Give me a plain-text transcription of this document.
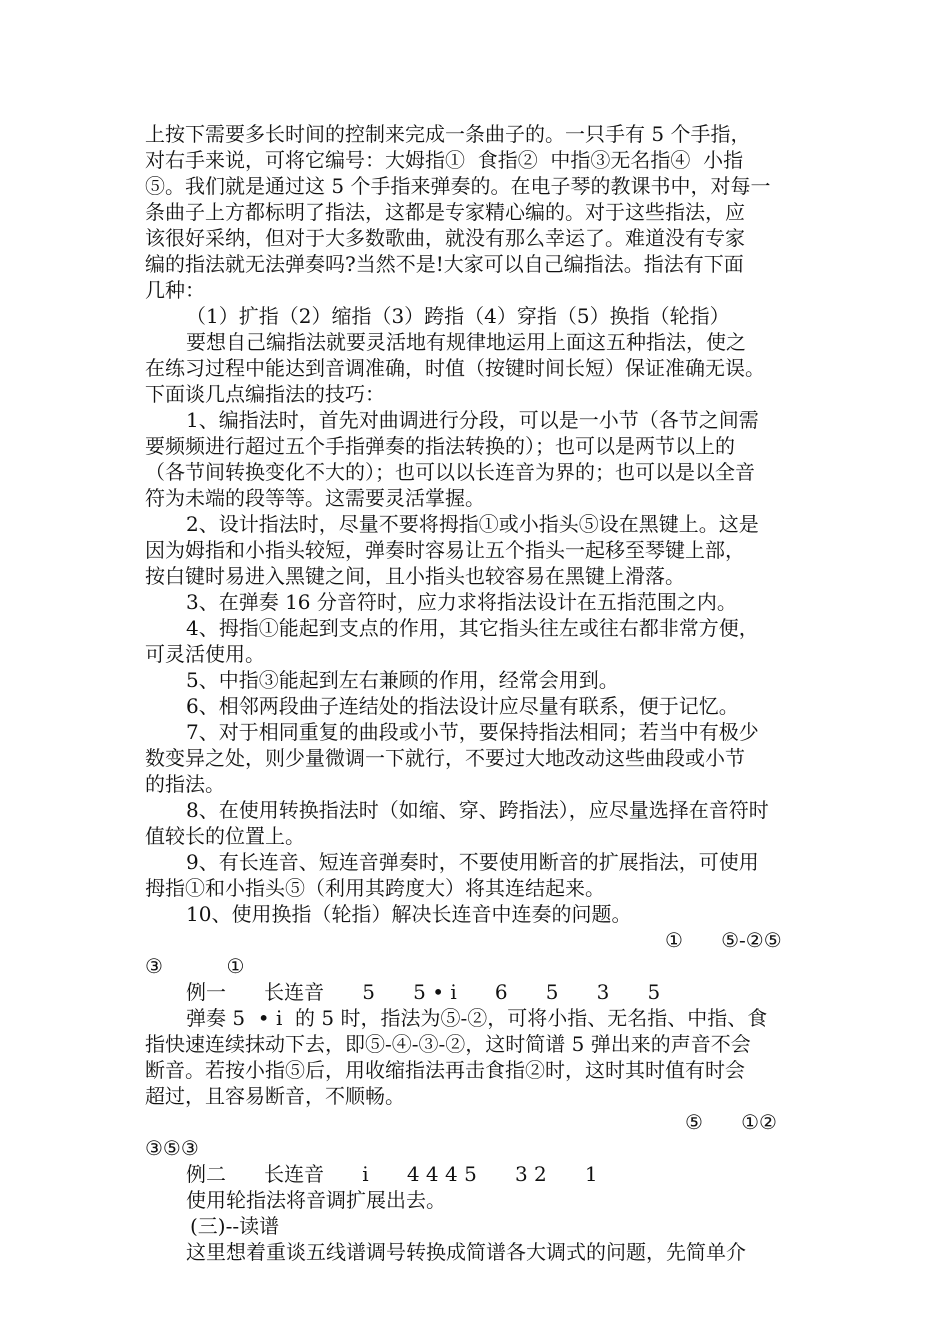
上按下需要多长时间的控制来完成一条曲子的。一只手有 5 个手指，
对右手来说，可将它编号：大姆指①  食指②  中指③无名指④  小指
⑤。我们就是通过这 5 个手指来弹奏的。在电子琴的教课书中，对每一
条曲子上方都标明了指法，这都是专家精心编的。对于这些指法，应
该很好采纳，但对于大多数歌曲，就没有那么幸运了。难道没有专家
编的指法就无法弹奏吗?当然不是!大家可以自己编指法。指法有下面
几种：
（1）扩指（2）缩指（3）跨指（4）穿指（5）换指（轮指）
要想自己编指法就要灵活地有规律地运用上面这五种指法，使之
在练习过程中能达到音调准确，时值（按键时间长短）保证准确无误。
下面谈几点编指法的技巧：
1、编指法时，首先对曲调进行分段，可以是一小节（各节之间需
要频频进行超过五个手指弹奏的指法转换的）；也可以是两节以上的
（各节间转换变化不大的）；也可以以长连音为界的；也可以是以全音
符为未端的段等等。这需要灵活掌握。
2、设计指法时，尽量不要将拇指①或小指头⑤设在黑键上。这是
因为姆指和小指头较短，弹奏时容易让五个指头一起移至琴键上部，
按白键时易进入黑键之间，且小指头也较容易在黑键上滑落。
3、在弹奏 16 分音符时，应力求将指法设计在五指范围之内。
4、拇指①能起到支点的作用，其它指头往左或往右都非常方便，
可灵活使用。
5、中指③能起到左右兼顾的作用，经常会用到。
6、相邻两段曲子连结处的指法设计应尽量有联系，便于记忆。
7、对于相同重复的曲段或小节，要保持指法相同；若当中有极少
数变异之处，则少量微调一下就行，不要过大地改动这些曲段或小节
的指法。
8、在使用转换指法时（如缩、穿、跨指法），应尽量选择在音符时
值较长的位置上。
9、有长连音、短连音弹奏时，不要使用断音的扩展指法，可使用
拇指①和小指头⑤（利用其跨度大）将其连结起来。
10、使用换指（轮指）解决长连音中连奏的问题。
①      ⑤-②⑤
③          ①
例一      长连音      5      5 • i      6      5      3      5
弹奏 5  • i  的 5 时，指法为⑤-②，可将小指、无名指、中指、食
指快速连续抹动下去，即⑤-④-③-②，这时简谱 5 弹出来的声音不会
断音。若按小指⑤后，用收缩指法再击食指②时，这时其时值有时会
超过，且容易断音，不顺畅。
⑤      ①②
③⑤③
例二      长连音      i      4 4 4 5      3 2      1
使用轮指法将音调扩展出去。
(三)--读谱
这里想着重谈五线谱调号转换成简谱各大调式的问题，先简单介
